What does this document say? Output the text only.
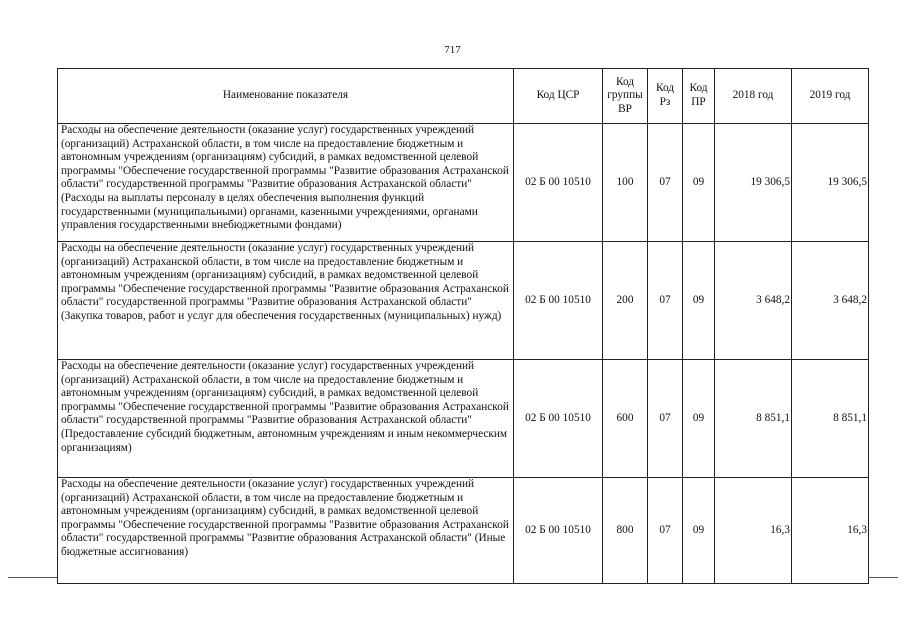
717
Наименование показателя	Код ЦСР	Код группы ВР	Код Рз	Код ПР	2018 год	2019 год
Расходы на обеспечение деятельности (оказание услуг) государственных учреждений (организаций) Астраханской области, в том числе на предоставление бюджетным и автономным учреждениям (организациям) субсидий, в рамках ведомственной целевой программы "Обеспечение государственной программы "Развитие образования Астраханской области" государственной программы "Развитие образования Астраханской области" (Расходы на выплаты персоналу в целях обеспечения выполнения функций государственными (муниципальными) органами, казенными учреждениями, органами управления государственными внебюджетными фондами)	02 Б 00 10510	100	07	09	19 306,5	19 306,5
Расходы на обеспечение деятельности (оказание услуг) государственных учреждений (организаций) Астраханской области, в том числе на предоставление бюджетным и автономным учреждениям (организациям) субсидий, в рамках ведомственной целевой программы "Обеспечение государственной программы "Развитие образования Астраханской области" государственной программы "Развитие образования Астраханской области" (Закупка товаров, работ и услуг для обеспечения государственных (муниципальных) нужд)	02 Б 00 10510	200	07	09	3 648,2	3 648,2
Расходы на обеспечение деятельности (оказание услуг) государственных учреждений (организаций) Астраханской области, в том числе на предоставление бюджетным и автономным учреждениям (организациям) субсидий, в рамках ведомственной целевой программы "Обеспечение государственной программы "Развитие образования Астраханской области" государственной программы "Развитие образования Астраханской области" (Предоставление субсидий бюджетным, автономным учреждениям и иным некоммерческим организациям)	02 Б 00 10510	600	07	09	8 851,1	8 851,1
Расходы на обеспечение деятельности (оказание услуг) государственных учреждений (организаций) Астраханской области, в том числе на предоставление бюджетным и автономным учреждениям (организациям) субсидий, в рамках ведомственной целевой программы "Обеспечение государственной программы "Развитие образования Астраханской области" государственной программы "Развитие образования Астраханской области" (Иные бюджетные ассигнования)	02 Б 00 10510	800	07	09	16,3	16,3
